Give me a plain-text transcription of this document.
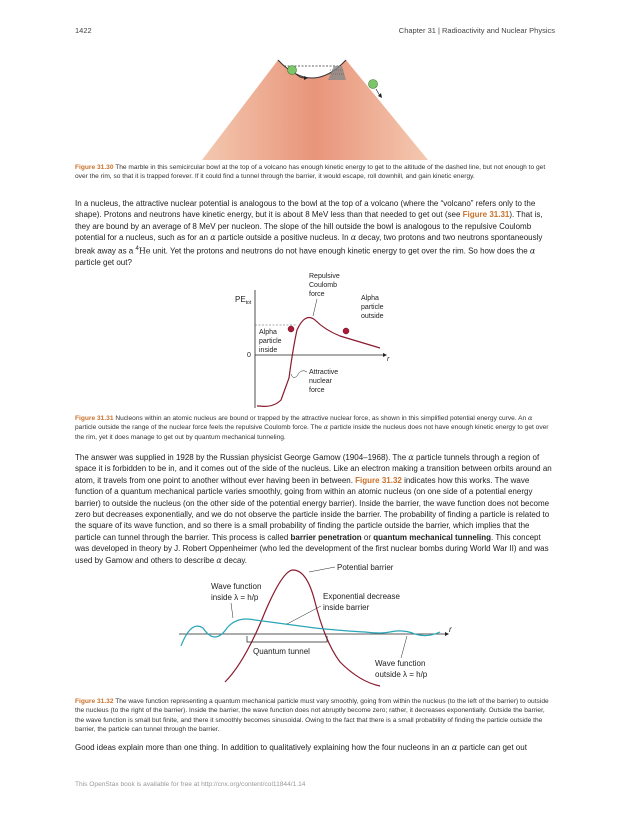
1422	Chapter 31 | Radioactivity and Nuclear Physics
Figure 31.30 The marble in this semicircular bowl at the top of a volcano has enough kinetic energy to get to the altitude of the dashed line, but not enough to get over the rim, so that it is trapped forever. If it could find a tunnel through the barrier, it would escape, roll downhill, and gain kinetic energy.
In a nucleus, the attractive nuclear potential is analogous to the bowl at the top of a volcano (where the “volcano” refers only to the shape). Protons and neutrons have kinetic energy, but it is about 8 MeV less than that needed to get out (see Figure 31.31). That is, they are bound by an average of 8 MeV per nucleon. The slope of the hill outside the bowl is analogous to the repulsive Coulomb potential for a nucleus, such as for an α particle outside a positive nucleus. In α decay, two protons and two neutrons spontaneously break away as a $^4$He unit. Yet the protons and neutrons do not have enough kinetic energy to get over the rim. So how does the α particle get out?
$PE_{tot}$
r
0
Repulsive Coulomb force
Alpha particle outside
Alpha particle inside
Attractive nuclear force
Figure 31.31 Nucleons within an atomic nucleus are bound or trapped by the attractive nuclear force, as shown in this simplified potential energy curve. An α particle outside the range of the nuclear force feels the repulsive Coulomb force. The α particle inside the nucleus does not have enough kinetic energy to get over the rim, yet it does manage to get out by quantum mechanical tunneling.
The answer was supplied in 1928 by the Russian physicist George Gamow (1904–1968). The α particle tunnels through a region of space it is forbidden to be in, and it comes out of the side of the nucleus. Like an electron making a transition between orbits around an atom, it travels from one point to another without ever having been in between. Figure 31.32 indicates how this works. The wave function of a quantum mechanical particle varies smoothly, going from within an atomic nucleus (on one side of a potential energy barrier) to outside the nucleus (on the other side of the potential energy barrier). Inside the barrier, the wave function does not become zero but decreases exponentially, and we do not observe the particle inside the barrier. The probability of finding a particle is related to the square of its wave function, and so there is a small probability of finding the particle outside the barrier, which implies that the particle can tunnel through the barrier. This process is called barrier penetration or quantum mechanical tunneling. This concept was developed in theory by J. Robert Oppenheimer (who led the development of the first nuclear bombs during World War II) and was used by Gamow and others to describe α decay.
r
Quantum tunnel
Potential barrier
Wave function inside λ = h/p	Exponential decrease inside barrier
Wave function outside λ = h/p
Figure 31.32 The wave function representing a quantum mechanical particle must vary smoothly, going from within the nucleus (to the left of the barrier) to outside the nucleus (to the right of the barrier). Inside the barrier, the wave function does not abruptly become zero; rather, it decreases exponentially. Outside the barrier, the wave function is small but finite, and there it smoothly becomes sinusoidal. Owing to the fact that there is a small probability of finding the particle outside the barrier, the particle can tunnel through the barrier.
Good ideas explain more than one thing. In addition to qualitatively explaining how the four nucleons in an α particle can get out
This OpenStax book is available for free at http://cnx.org/content/col11844/1.14
